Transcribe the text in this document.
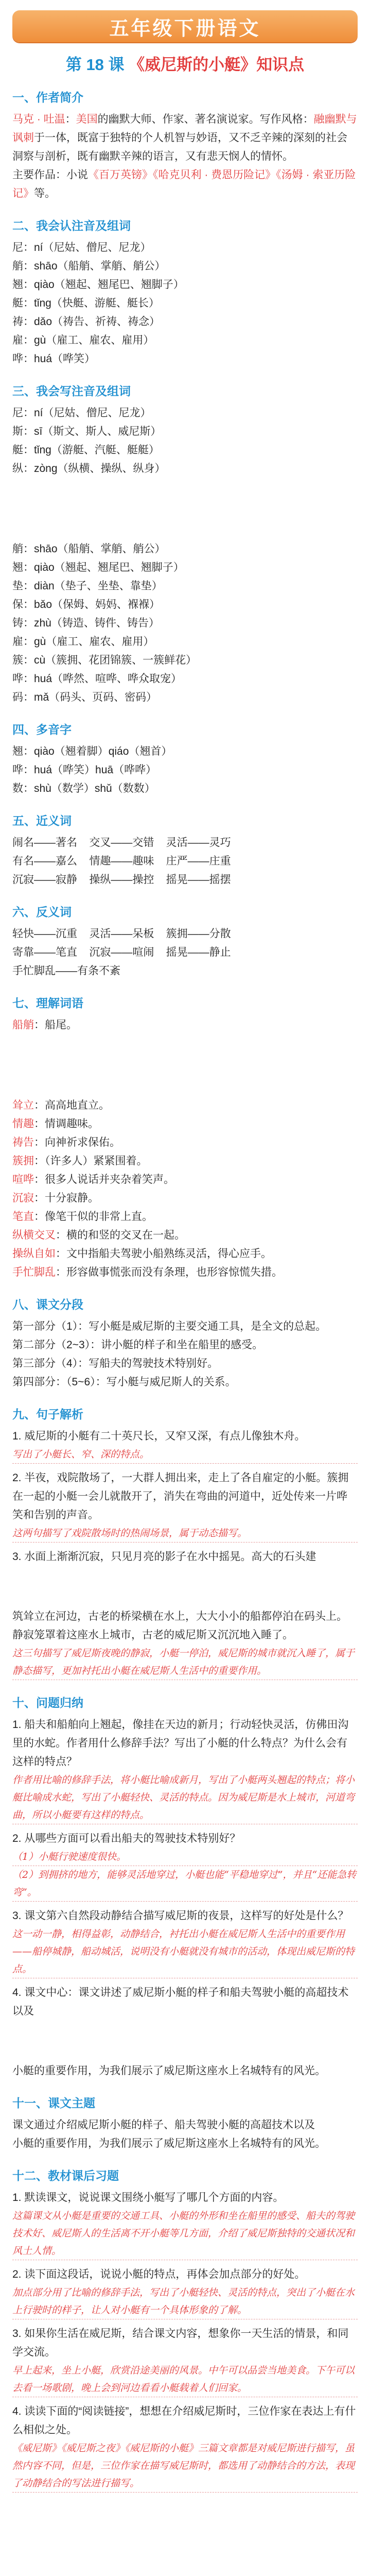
五年级下册语文
第 18 课 《威尼斯的小艇》知识点
一、作者简介

马克 · 吐温：美国的幽默大师、作家、著名演说家。写作风格：融幽默与讽刺于一体，既富于独特的个人机智与妙语，又不乏辛辣的深刻的社会洞察与剖析，既有幽默辛辣的语言，又有悲天悯人的情怀。

主要作品：小说《百万英镑》《哈克贝利 · 费恩历险记》《汤姆 · 索亚历险记》等。

二、我会认注音及组词
尼：ní（尼姑、僧尼、尼龙）
艄：shāo（船艄、掌艄、艄公）
翘：qiào（翘起、翘尾巴、翘脚子）
艇：tǐng（快艇、游艇、艇长）
祷：dǎo（祷告、祈祷、祷念）
雇：gù（雇工、雇农、雇用）
哗：huá（哗笑）
三、我会写注音及组词
尼：ní（尼姑、僧尼、尼龙）
斯：sī（斯文、斯人、威尼斯）
艇：tǐng（游艇、汽艇、艇艇）
纵：zòng（纵横、操纵、纵身）
艄：shāo（船艄、掌艄、艄公）
翘：qiào（翘起、翘尾巴、翘脚子）
垫：diàn（垫子、坐垫、靠垫）
保：bǎo（保姆、妈妈、褓褓）
铸：zhù（铸造、铸件、铸告）
雇：gù（雇工、雇农、雇用）
簇：cù（簇拥、花团锦簇、一簇鲜花）
哗：huá（哗然、喧哗、哗众取宠）
码：mǎ（码头、页码、密码）
四、多音字
翘：qiào（翘着脚）qiáo（翘首）
哗：huá（哗笑）huā（哗哗）
数：shù（数学）shǔ（数数）
五、近义词
闹名——著名    交叉——交错    灵活——灵巧
有名——嘉么    情趣——趣味    庄严——庄重
沉寂——寂静    操纵——操控    摇晃——摇摆
六、反义词
轻快——沉重    灵活——呆板    簇拥——分散
寄靠——笔直    沉寂——喧闹    摇晃——静止
手忙脚乱——有条不紊
七、理解词语
船艄：船尾。
耸立：高高地直立。
情趣：情调趣味。
祷告：向神祈求保佑。
簇拥：（许多人）紧紧围着。
喧哗：很多人说话并夹杂着笑声。
沉寂：十分寂静。
笔直：像笔干似的非常上直。
纵横交叉：横的和竖的交叉在一起。
操纵自如：文中指船夫驾驶小船熟练灵活，得心应手。
手忙脚乱：形容做事慌张而没有条理，也形容惊慌失措。
八、课文分段
第一部分（1）：写小艇是威尼斯的主要交通工具，是全文的总起。
第二部分（2~3）：讲小艇的样子和坐在船里的感受。
第三部分（4）：写船夫的驾驶技术特别好。
第四部分：（5~6）：写小艇与威尼斯人的关系。
九、句子解析

1. 威尼斯的小艇有二十英尺长，又窄又深，有点儿像独木舟。

写出了小艇长、窄、深的特点。

2. 半夜，戏院散场了，一大群人拥出来，走上了各自雇定的小艇。簇拥在一起的小艇一会儿就散开了，消失在弯曲的河道中，近处传来一片哗笑和告别的声音。

这两句描写了戏院散场时的热闹场景，属于动态描写。

3. 水面上渐渐沉寂，只见月亮的影子在水中摇晃。高大的石头建

筑耸立在河边，古老的桥梁横在水上，大大小小的船都停泊在码头上。静寂笼罩着这座水上城市，古老的威尼斯又沉沉地入睡了。

这三句描写了威尼斯夜晚的静寂，小艇一停泊，威尼斯的城市就沉入睡了，属于静态描写，更加衬托出小艇在威尼斯人生活中的重要作用。
十、问题归纳

1. 船夫和船舶向上翘起，像挂在天边的新月；行动轻快灵活，仿佛田沟里的水蛇。作者用什么修辞手法？写出了小艇的什么特点？为什么会有这样的特点？

作者用比喻的修辞手法，将小艇比喻成新月，写出了小艇两头翘起的特点；将小艇比喻成水蛇，写出了小艇轻快、灵活的特点。因为威尼斯是水上城市，河道弯曲，所以小艇要有这样的特点。

2. 从哪些方面可以看出船夫的驾驶技术特别好？

（1）小艇行驶速度很快。
（2）到拥挤的地方，能够灵活地穿过，小艇也能“平稳地穿过”，并且“还能急转弯”。

3. 课文第六自然段动静结合描写威尼斯的夜景，这样写的好处是什么？

这一动一静，相得益彰，动静结合，衬托出小艇在威尼斯人生活中的重要作用——船停城静，船动城活，说明没有小艇就没有城市的活动，体现出威尼斯的特点。

4. 课文中心：课文讲述了威尼斯小艇的样子和船夫驾驶小艇的高超技术以及

小艇的重要作用，为我们展示了威尼斯这座水上名城特有的风光。

十一、课文主题

课文通过介绍威尼斯小艇的样子、船夫驾驶小艇的高超技术以及

小艇的重要作用，为我们展示了威尼斯这座水上名城特有的风光。

十二、教材课后习题

1. 默读课文，说说课文围绕小艇写了哪几个方面的内容。

这篇课文从小艇是重要的交通工具、小艇的外形和坐在船里的感受、船夫的驾驶技术好、威尼斯人的生活离不开小艇等几方面，介绍了威尼斯独特的交通状况和风土人情。

2. 读下面这段话，说说小艇的特点，再体会加点部分的好处。

加点部分用了比喻的修辞手法，写出了小艇轻快、灵活的特点，突出了小艇在水上行驶时的样子，让人对小艇有一个具体形象的了解。

3. 如果你生活在威尼斯，结合课文内容，想象你一天生活的情景，和同学交流。

早上起来，坐上小艇，欣赏沿途美丽的风景。中午可以品尝当地美食。下午可以去看一场歌剧，晚上会到河边看看小艇载着人们回家。

4. 读读下面的“阅读链接”，想想在介绍威尼斯时，三位作家在表达上有什么相似之处。

《威尼斯》《威尼斯之夜》《威尼斯的小艇》三篇文章都是对威尼斯进行描写，虽然内容不同，但是，三位作家在描写威尼斯时，都选用了动静结合的方法，表现了动静结合的写法进行描写。
